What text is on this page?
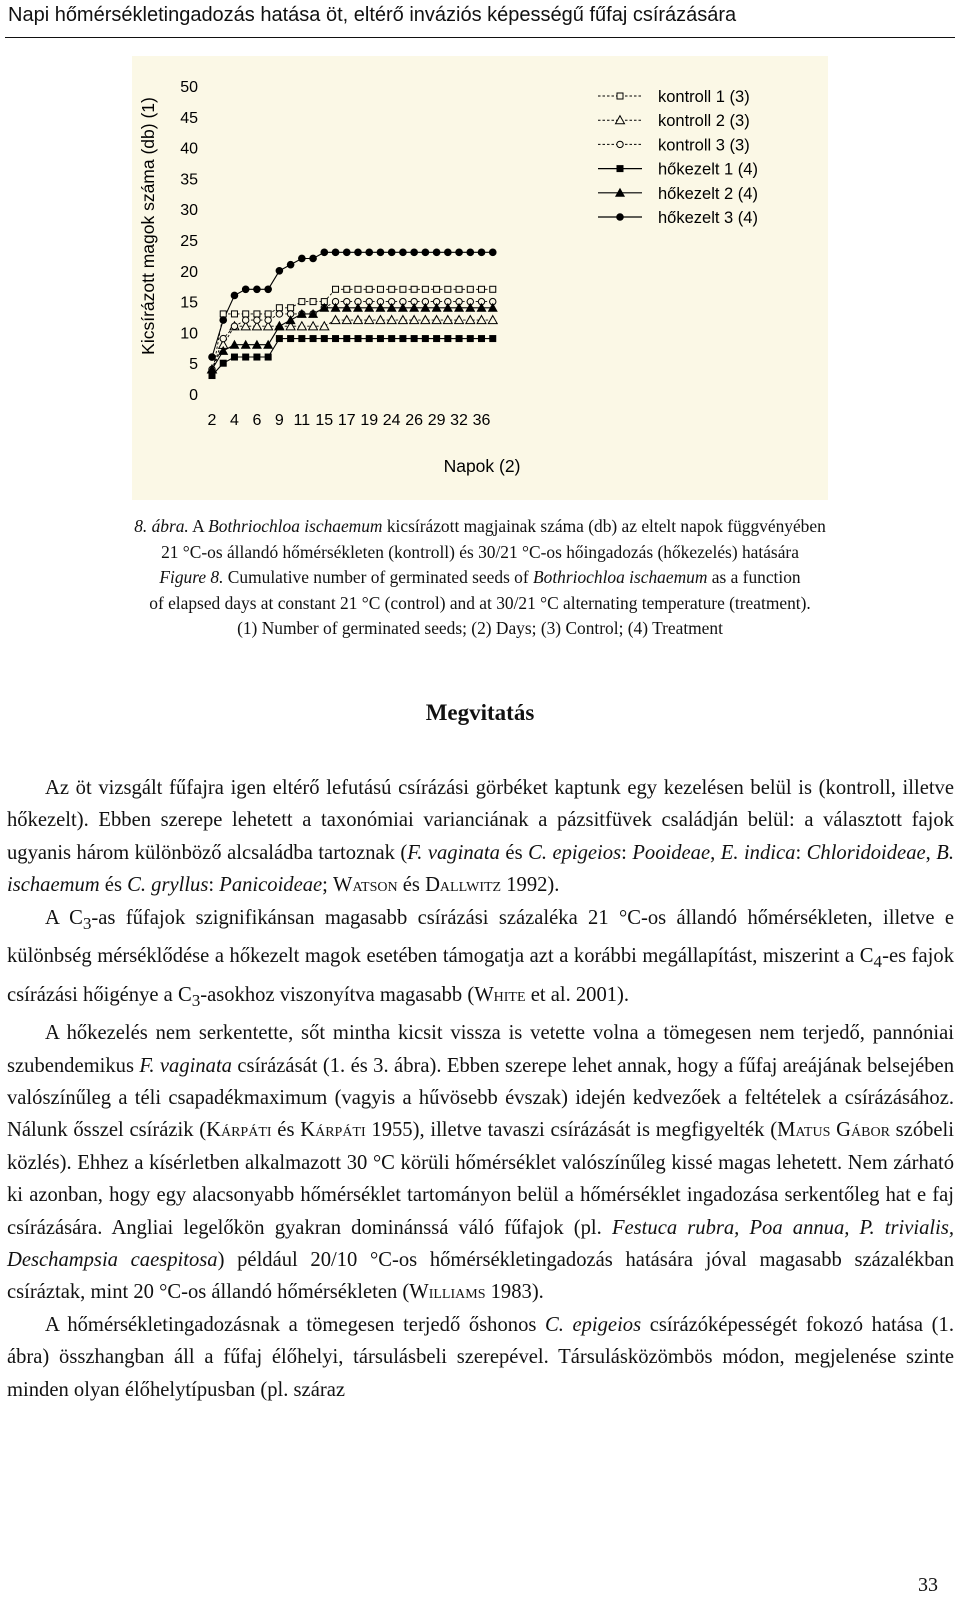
Napi hőmérsékletingadozás hatása öt, eltérő inváziós képességű fűfaj csírázására
0
5
10
15
20
25
30
35
40
45
50
Kicsírázott magok száma (db) (1)
2 4 6 9 11 15 17 19 24 26 29 32 36
Napok (2)
kontroll 1 (3)
kontroll 2 (3)
kontroll 3 (3)
hőkezelt 1 (4)
hőkezelt 2 (4)
hőkezelt 3 (4)

8. ábra. A Bothriochloa ischaemum kicsírázott magjainak száma (db) az eltelt napok függvényében

21 °C-os állandó hőmérsékleten (kontroll) és 30/21 °C-os hőingadozás (hőkezelés) hatására

Figure 8. Cumulative number of germinated seeds of Bothriochloa ischaemum as a function

of elapsed days at constant 21 °C (control) and at 30/21 °C alternating temperature (treatment).

(1) Number of germinated seeds; (2) Days; (3) Control; (4) Treatment

Megvitatás

Az öt vizsgált fűfajra igen eltérő lefutású csírázási görbéket kaptunk egy kezelésen belül is (kontroll, illetve hőkezelt). Ebben szerepe lehetett a taxonómiai varianciának a pázsitfüvek családján belül: a választott fajok ugyanis három különböző alcsaládba tartoznak (F. vaginata és C. epigeios: Pooideae, E. indica: Chloridoideae, B. ischaemum és C. gryllus: Panicoideae; Watson és Dallwitz 1992).

A $C_3-as$ fűfajok szignifikánsan magasabb csírázási százaléka 21 °C-os állandó hőmérsékleten, illetve e különbség mérséklődése a hőkezelt magok esetében támogatja azt a korábbi megállapítást, miszerint a $C_4-es$ fajok csírázási hőigénye a $C_3$-asokhoz viszonyítva magasabb (White et al. 2001).

A hőkezelés nem serkentette, sőt mintha kicsit vissza is vetette volna a tömegesen nem terjedő, pannóniai szubendemikus F. vaginata csírázását (1. és 3. ábra). Ebben szerepe lehet annak, hogy a fűfaj areájának belsejében valószínűleg a téli csapadékmaximum (vagyis a hűvösebb évszak) idején kedvezőek a feltételek a csírázásához. Nálunk ősszel csírázik (Kárpáti és Kárpáti 1955), illetve tavaszi csírázását is megfigyelték (Matus Gábor szóbeli közlés). Ehhez a kísérletben alkalmazott 30 °C körüli hőmérséklet valószínűleg kissé magas lehetett. Nem zárható ki azonban, hogy egy alacsonyabb hőmérséklet tartományon belül a hőmérséklet ingadozása serkentőleg hat e faj csírázására. Angliai legelőkön gyakran dominánssá váló fűfajok (pl. Festuca rubra, Poa annua, P. trivialis, Deschampsia caespitosa) például 20/10 °C-os hőmérsékletingadozás hatására jóval magasabb százalékban csíráztak, mint 20 °C-os állandó hőmérsékleten (Williams 1983).

A hőmérsékletingadozásnak a tömegesen terjedő őshonos C. epigeios csírázóképességét fokozó hatása (1. ábra) összhangban áll a fűfaj élőhelyi, társulásbeli szerepével. Társulásközömbös módon, megjelenése szinte minden olyan élőhelytípusban (pl. száraz

33
